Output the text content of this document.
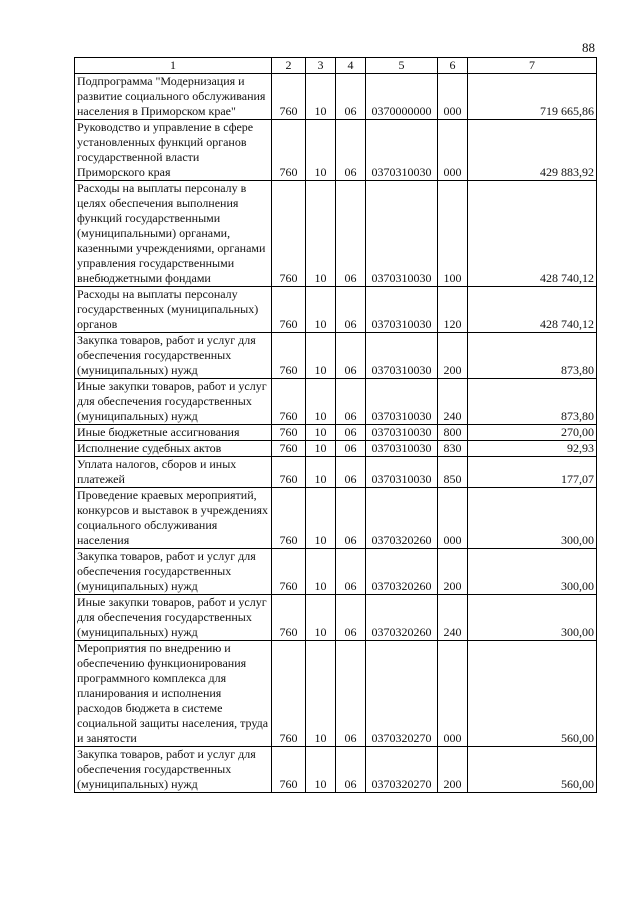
88
1	2	3	4	5	6	7
Подпрограмма "Модернизация и развитие социального обслуживания населения в Приморском крае"	760	10	06	0370000000	000	719 665,86
Руководство и управление в сфере установленных функций органов государственной власти Приморского края	760	10	06	0370310030	000	429 883,92
Расходы на выплаты персоналу в целях обеспечения выполнения функций государственными (муниципальными) органами, казенными учреждениями, органами управления государственными внебюджетными фондами	760	10	06	0370310030	100	428 740,12
Расходы на выплаты персоналу государственных (муниципальных) органов	760	10	06	0370310030	120	428 740,12
Закупка товаров, работ и услуг для обеспечения государственных (муниципальных) нужд	760	10	06	0370310030	200	873,80
Иные закупки товаров, работ и услуг для обеспечения государственных (муниципальных) нужд	760	10	06	0370310030	240	873,80
Иные бюджетные ассигнования	760	10	06	0370310030	800	270,00
Исполнение судебных актов	760	10	06	0370310030	830	92,93
Уплата налогов, сборов и иных платежей	760	10	06	0370310030	850	177,07
Проведение краевых мероприятий, конкурсов и выставок в учреждениях социального обслуживания населения	760	10	06	0370320260	000	300,00
Закупка товаров, работ и услуг для обеспечения государственных (муниципальных) нужд	760	10	06	0370320260	200	300,00
Иные закупки товаров, работ и услуг для обеспечения государственных (муниципальных) нужд	760	10	06	0370320260	240	300,00
Мероприятия по внедрению и обеспечению функционирования программного комплекса для планирования и исполнения расходов бюджета в системе социальной защиты населения, труда и занятости	760	10	06	0370320270	000	560,00
Закупка товаров, работ и услуг для обеспечения государственных (муниципальных) нужд	760	10	06	0370320270	200	560,00
